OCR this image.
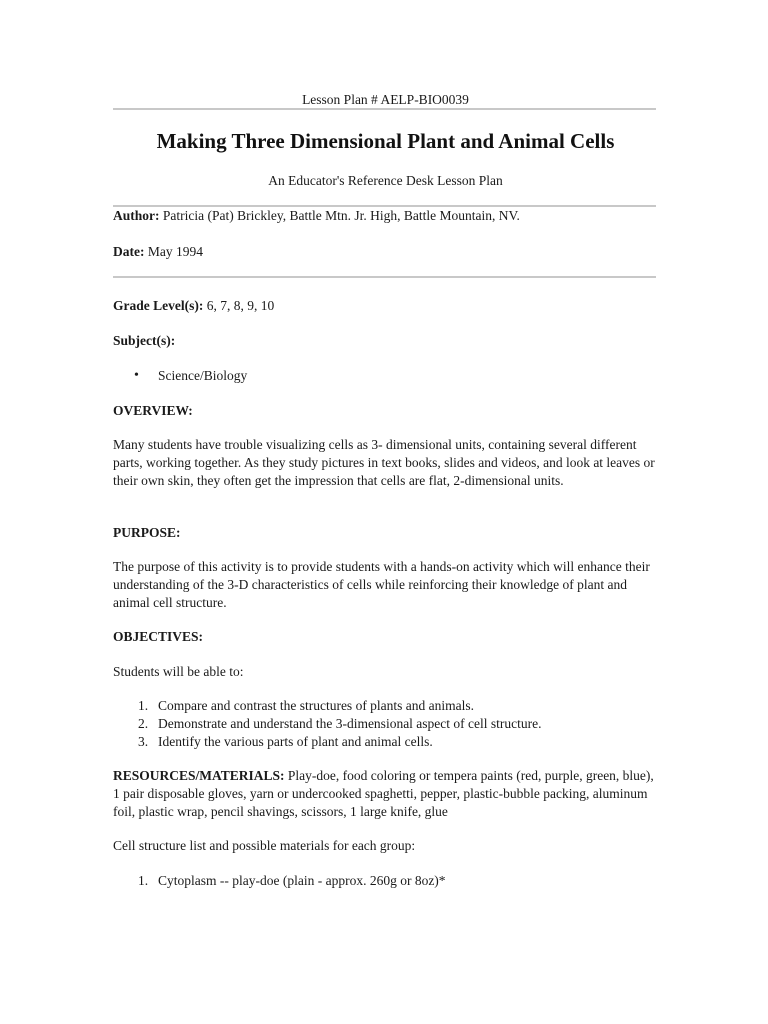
Lesson Plan # AELP-BIO0039
Making Three Dimensional Plant and Animal Cells
An Educator's Reference Desk Lesson Plan
Author: Patricia (Pat) Brickley, Battle Mtn. Jr. High, Battle Mountain, NV.
Date: May 1994
Grade Level(s): 6, 7, 8, 9, 10
Subject(s):
• Science/Biology
OVERVIEW:
Many students have trouble visualizing cells as 3- dimensional units, containing several different parts, working together. As they study pictures in text books, slides and videos, and look at leaves or their own skin, they often get the impression that cells are flat, 2-dimensional units.
PURPOSE:
The purpose of this activity is to provide students with a hands-on activity which will enhance their understanding of the 3-D characteristics of cells while reinforcing their knowledge of plant and animal cell structure.
OBJECTIVES:
Students will be able to:
1. Compare and contrast the structures of plants and animals.
2. Demonstrate and understand the 3-dimensional aspect of cell structure.
3. Identify the various parts of plant and animal cells.
RESOURCES/MATERIALS: Play-doe, food coloring or tempera paints (red, purple, green, blue), 1 pair disposable gloves, yarn or undercooked spaghetti, pepper, plastic-bubble packing, aluminum foil, plastic wrap, pencil shavings, scissors, 1 large knife, glue
Cell structure list and possible materials for each group:
1. Cytoplasm -- play-doe (plain - approx. 260g or 8oz)*
